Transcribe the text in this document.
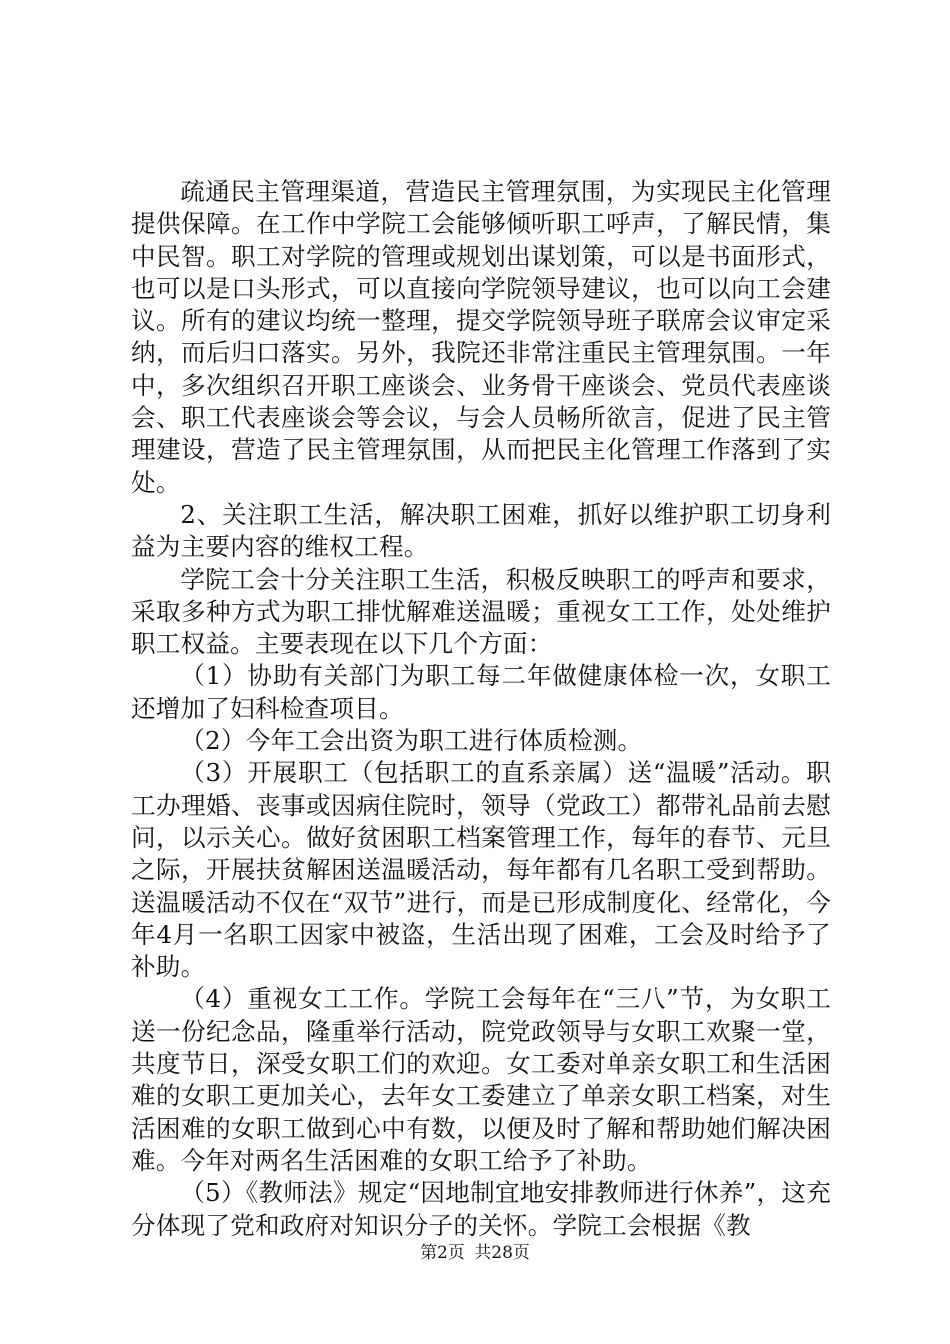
疏通民主管理渠道，营造民主管理氛围，为实现民主化管理提供保障。在工作中学院工会能够倾听职工呼声，了解民情，集中民智。职工对学院的管理或规划出谋划策，可以是书面形式，也可以是口头形式，可以直接向学院领导建议，也可以向工会建议。所有的建议均统一整理，提交学院领导班子联席会议审定采纳，而后归口落实。另外，我院还非常注重民主管理氛围。一年中，多次组织召开职工座谈会、业务骨干座谈会、党员代表座谈会、职工代表座谈会等会议，与会人员畅所欲言，促进了民主管理建设，营造了民主管理氛围，从而把民主化管理工作落到了实处。

2、关注职工生活，解决职工困难，抓好以维护职工切身利益为主要内容的维权工程。

学院工会十分关注职工生活，积极反映职工的呼声和要求，采取多种方式为职工排忧解难送温暖；重视女工工作，处处维护职工权益。主要表现在以下几个方面：

（1）协助有关部门为职工每二年做健康体检一次，女职工还增加了妇科检查项目。

（2）今年工会出资为职工进行体质检测。

（3）开展职工（包括职工的直系亲属）送“温暖”活动。职工办理婚、丧事或因病住院时，领导（党政工）都带礼品前去慰问，以示关心。做好贫困职工档案管理工作，每年的春节、元旦之际，开展扶贫解困送温暖活动，每年都有几名职工受到帮助。送温暖活动不仅在“双节”进行，而是已形成制度化、经常化，今年4月一名职工因家中被盗，生活出现了困难，工会及时给予了补助。

（4）重视女工工作。学院工会每年在“三八”节，为女职工送一份纪念品，隆重举行活动，院党政领导与女职工欢聚一堂，共度节日，深受女职工们的欢迎。女工委对单亲女职工和生活困难的女职工更加关心，去年女工委建立了单亲女职工档案，对生活困难的女职工做到心中有数，以便及时了解和帮助她们解决困难。今年对两名生活困难的女职工给予了补助。

（5）《教师法》规定“因地制宜地安排教师进行休养”，这充分体现了党和政府对知识分子的关怀。学院工会根据《教

第2页 共28页
